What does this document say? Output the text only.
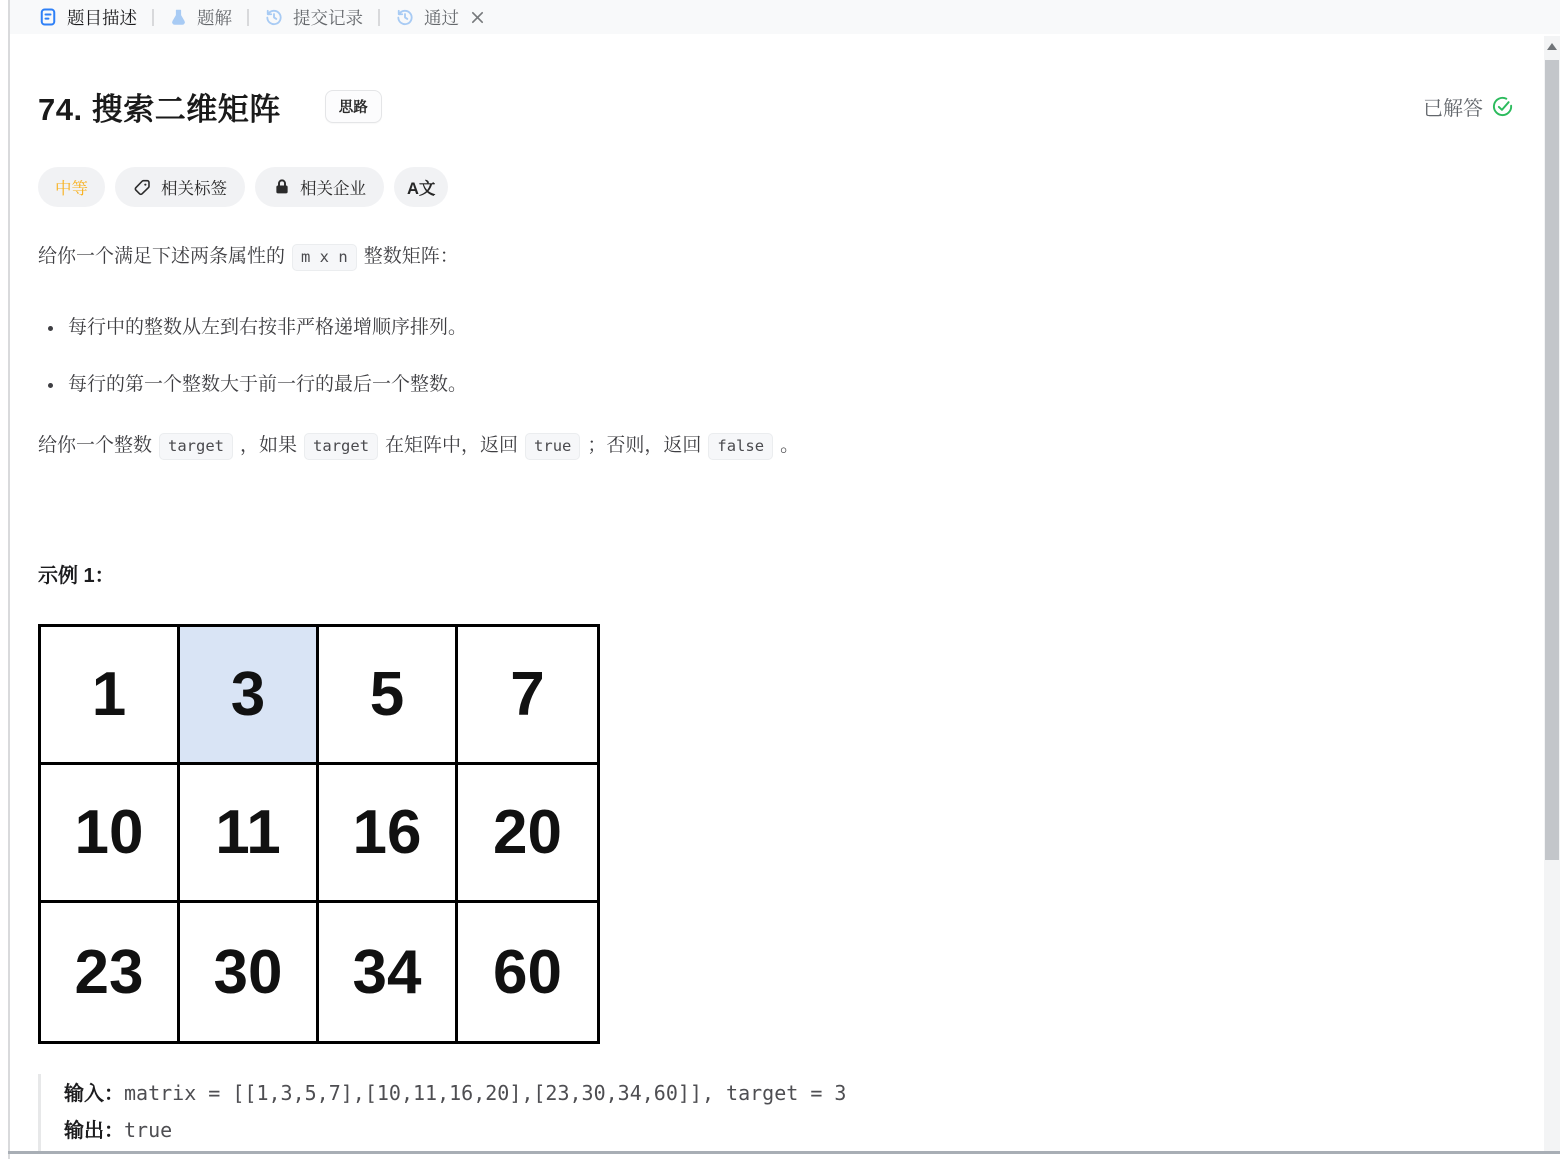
题目描述	题解	提交记录	通过
74. 搜索二维矩阵	思路	已解答
中等	相关标签	相关企业	A文

给你一个满足下述两条属性的 m x n 整数矩阵：

• 每行中的整数从左到右按非严格递增顺序排列。
• 每行的第一个整数大于前一行的最后一个整数。

给你一个整数 target ，如果 target 在矩阵中，返回 true ；否则，返回 false 。

示例 1：
1	3	5	7
10	11	16	20
23	30	34	60
输入：matrix = [[1,3,5,7],[10,11,16,20],[23,30,34,60]], target = 3
输出：true
